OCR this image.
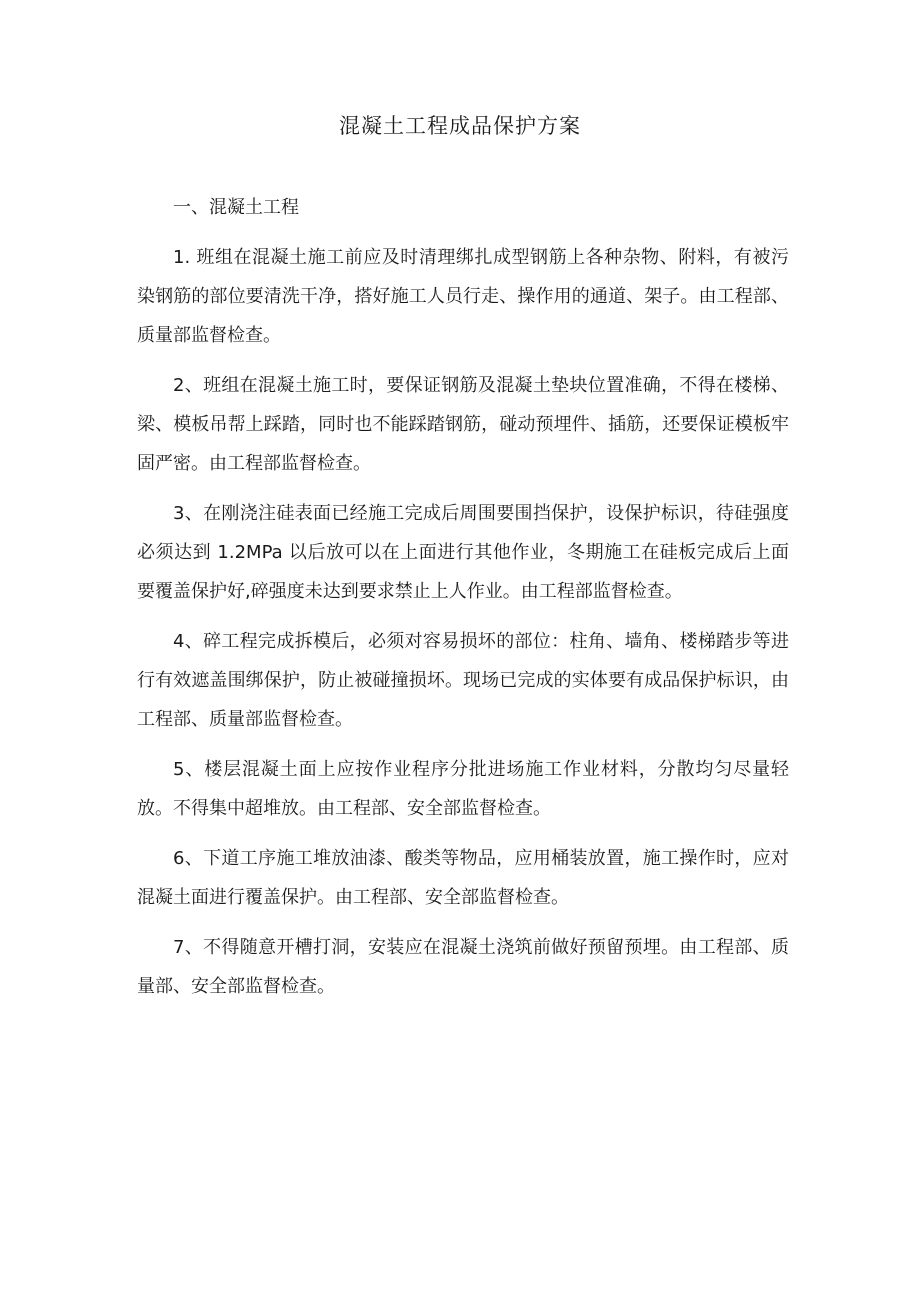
混凝土工程成品保护方案
一、混凝土工程

1. 班组在混凝土施工前应及时清理绑扎成型钢筋上各种杂物、附料，有被污染钢筋的部位要清洗干净，搭好施工人员行走、操作用的通道、架子。由工程部、质量部监督检查。

2、班组在混凝土施工时，要保证钢筋及混凝土垫块位置准确，不得在楼梯、梁、模板吊帮上踩踏，同时也不能踩踏钢筋，碰动预埋件、插筋，还要保证模板牢固严密。由工程部监督检查。

3、在刚浇注硅表面已经施工完成后周围要围挡保护，设保护标识，待硅强度必须达到 1.2MPa 以后放可以在上面进行其他作业，冬期施工在硅板完成后上面要覆盖保护好,碎强度未达到要求禁止上人作业。由工程部监督检查。

4、碎工程完成拆模后，必须对容易损坏的部位：柱角、墙角、楼梯踏步等进行有效遮盖围绑保护，防止被碰撞损坏。现场已完成的实体要有成品保护标识，由工程部、质量部监督检查。

5、楼层混凝土面上应按作业程序分批进场施工作业材料，分散均匀尽量轻放。不得集中超堆放。由工程部、安全部监督检查。

6、下道工序施工堆放油漆、酸类等物品，应用桶装放置，施工操作时，应对混凝土面进行覆盖保护。由工程部、安全部监督检查。

7、不得随意开槽打洞，安装应在混凝土浇筑前做好预留预埋。由工程部、质量部、安全部监督检查。
